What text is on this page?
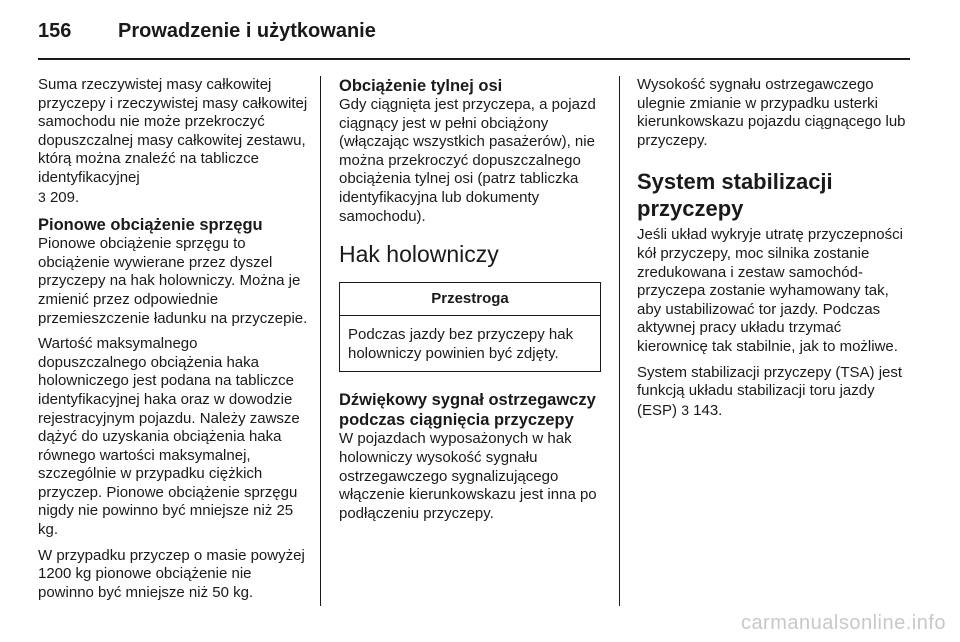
156 Prowadzenie i użytkowanie

Suma rzeczywistej masy całkowitej przyczepy i rzeczywistej masy całkowitej samochodu nie może przekroczyć dopuszczalnej masy całkowitej zestawu, którą można znaleźć na tabliczce identyfikacyjnej
3 209.

Pionowe obciążenie sprzęgu

Pionowe obciążenie sprzęgu to obciążenie wywierane przez dyszel przyczepy na hak holowniczy. Można je zmienić przez odpowiednie przemieszczenie ładunku na przyczepie.

Wartość maksymalnego dopuszczalnego obciążenia haka holowniczego jest podana na tabliczce identyfikacyjnej haka oraz w dowodzie rejestracyjnym pojazdu. Należy zawsze dążyć do uzyskania obciążenia haka równego wartości maksymalnej, szczególnie w przypadku ciężkich przyczep. Pionowe obciążenie sprzęgu nigdy nie powinno być mniejsze niż 25 kg.

W przypadku przyczep o masie powyżej 1200 kg pionowe obciążenie nie powinno być mniejsze niż 50 kg.

Obciążenie tylnej osi

Gdy ciągnięta jest przyczepa, a pojazd ciągnący jest w pełni obciążony (włączając wszystkich pasażerów), nie można przekroczyć dopuszczalnego obciążenia tylnej osi (patrz tabliczka identyfikacyjna lub dokumenty samochodu).

Hak holowniczy
Przestroga
Podczas jazdy bez przyczepy hak holowniczy powinien być zdjęty.
Dźwiękowy sygnał ostrzegawczy podczas ciągnięcia przyczepy

W pojazdach wyposażonych w hak holowniczy wysokość sygnału ostrzegawczego sygnalizującego włączenie kierunkowskazu jest inna po podłączeniu przyczepy.

Wysokość sygnału ostrzegawczego ulegnie zmianie w przypadku usterki kierunkowskazu pojazdu ciągnącego lub przyczepy.

System stabilizacji przyczepy

Jeśli układ wykryje utratę przyczepności kół przyczepy, moc silnika zostanie zredukowana i zestaw samochód-przyczepa zostanie wyhamowany tak, aby ustabilizować tor jazdy. Podczas aktywnej pracy układu trzymać kierownicę tak stabilnie, jak to możliwe.

System stabilizacji przyczepy (TSA) jest funkcją układu stabilizacji toru jazdy (ESP) 3 143.

carmanualsonline.info
